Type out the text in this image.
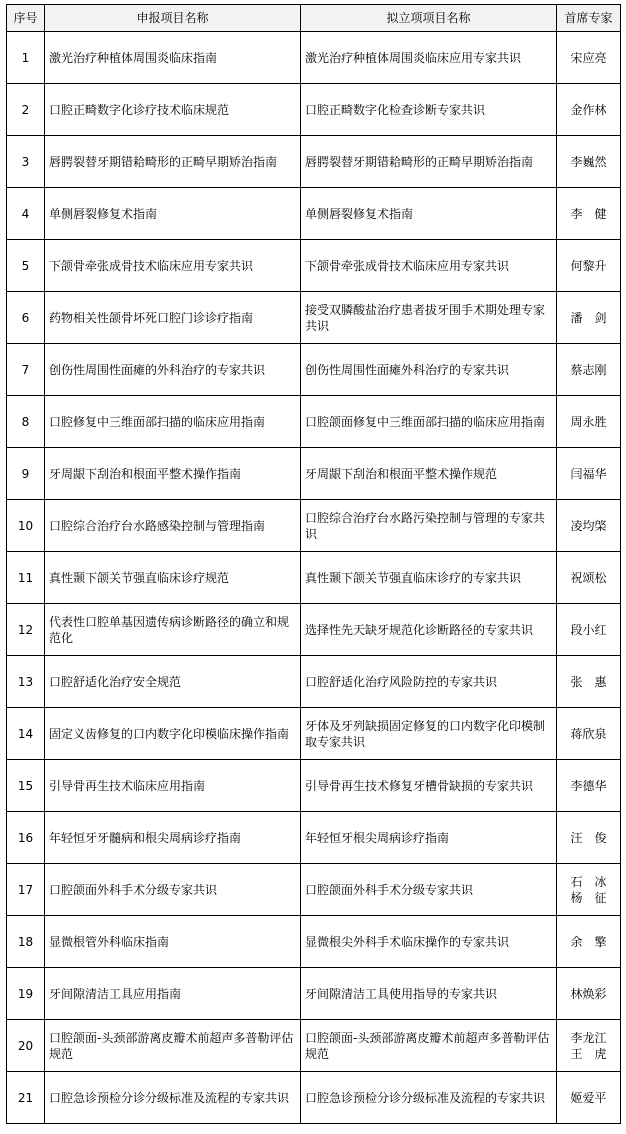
序号	申报项目名称	拟立项项目名称	首席专家
1	激光治疗种植体周围炎临床指南	激光治疗种植体周围炎临床应用专家共识	宋应亮

2	口腔正畸数字化诊疗技术临床规范	口腔正畸数字化检查诊断专家共识	金作林

3	唇腭裂替牙期错耠畸形的正畸早期矫治指南	唇腭裂替牙期错耠畸形的正畸早期矫治指南	李巍然

4	单侧唇裂修复术指南	单侧唇裂修复术指南	李　健

5	下颌骨牵张成骨技术临床应用专家共识	下颌骨牵张成骨技术临床应用专家共识	何黎升

6	药物相关性颌骨坏死口腔门诊诊疗指南	接受双膦酸盐治疗患者拔牙围手术期处理专家共识	潘　剑

7	创伤性周围性面瘫的外科治疗的专家共识	创伤性周围性面瘫外科治疗的专家共识	蔡志刚

8	口腔修复中三维面部扫描的临床应用指南	口腔颌面修复中三维面部扫描的临床应用指南	周永胜

9	牙周龈下刮治和根面平整术操作指南	牙周龈下刮治和根面平整术操作规范	闫福华

10	口腔综合治疗台水路感染控制与管理指南	口腔综合治疗台水路污染控制与管理的专家共识	凌均棨

11	真性颞下颌关节强直临床诊疗规范	真性颞下颌关节强直临床诊疗的专家共识	祝颂松

12	代表性口腔单基因遗传病诊断路径的确立和规范化	选择性先天缺牙规范化诊断路径的专家共识	段小红

13	口腔舒适化治疗安全规范	口腔舒适化治疗风险防控的专家共识	张　惠

14	固定义齿修复的口内数字化印模临床操作指南	牙体及牙列缺损固定修复的口内数字化印模制取专家共识	蒋欣泉

15	引导骨再生技术临床应用指南	引导骨再生技术修复牙槽骨缺损的专家共识	李德华

16	年轻恒牙牙髓病和根尖周病诊疗指南	年轻恒牙根尖周病诊疗指南	汪　俊

17	口腔颌面外科手术分级专家共识	口腔颌面外科手术分级专家共识	石　冰
杨　征

18	显微根管外科临床指南	显微根尖外科手术临床操作的专家共识	余　擎

19	牙间隙清洁工具应用指南	牙间隙清洁工具使用指导的专家共识	林焕彩

20	口腔颌面-头颈部游离皮瓣术前超声多普勒评估规范	口腔颌面-头颈部游离皮瓣术前超声多普勒评估规范	李龙江
王　虎

21	口腔急诊预检分诊分级标准及流程的专家共识	口腔急诊预检分诊分级标准及流程的专家共识	姬爱平
